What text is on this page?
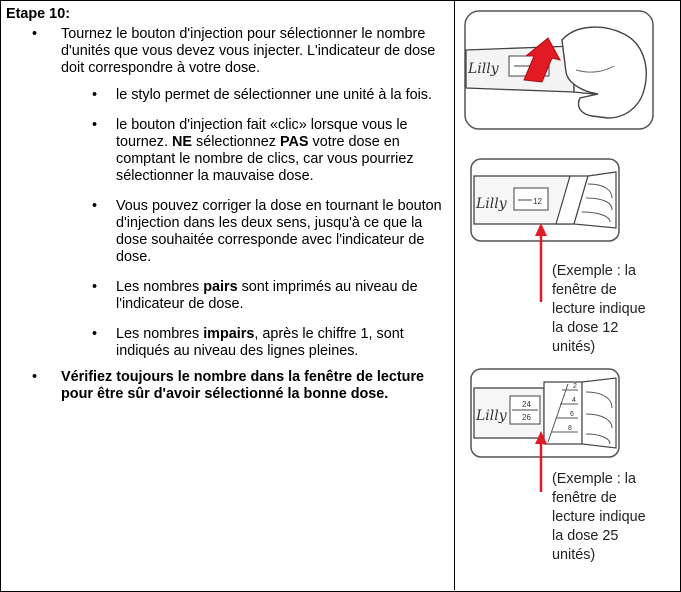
Etape 10:
• Tournez le bouton d'injection pour sélectionner le nombre d'unités que vous devez vous injecter. L'indicateur de dose doit correspondre à votre dose.
• le stylo permet de sélectionner une unité à la fois.
• le bouton d'injection fait «clic» lorsque vous le tournez. NE sélectionnez PAS votre dose en comptant le nombre de clics, car vous pourriez sélectionner la mauvaise dose.
• Vous pouvez corriger la dose en tournant le bouton d'injection dans les deux sens, jusqu'à ce que la dose souhaitée corresponde avec l'indicateur de dose.
• Les nombres pairs sont imprimés au niveau de l'indicateur de dose.
• Les nombres impairs, après le chiffre 1, sont indiqués au niveau des lignes pleines.
• Vérifiez toujours le nombre dans la fenêtre de lecture pour être sûr d'avoir sélectionné la bonne dose.
Lilly
Lilly	12
(Exemple : la
fenêtre de
lecture indique
la dose 12
unités)
Lilly
24
26
2
4
6
8
(Exemple : la
fenêtre de
lecture indique
la dose 25
unités)
